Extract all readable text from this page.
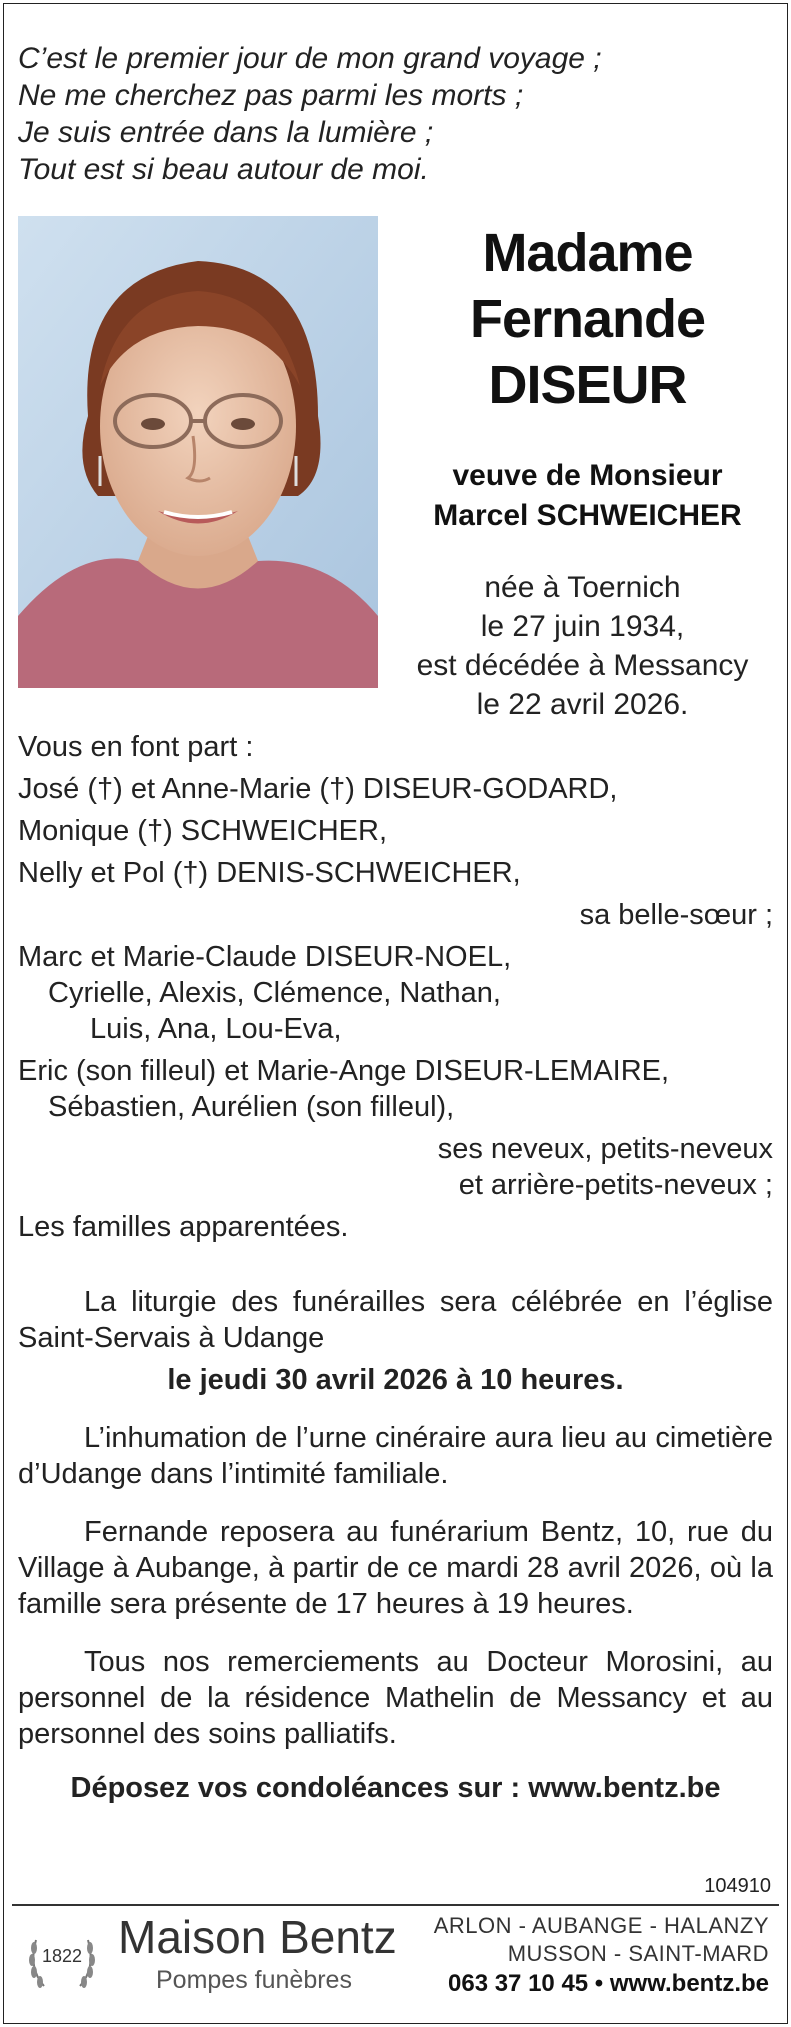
C’est le premier jour de mon grand voyage ;
Ne me cherchez pas parmi les morts ;
Je suis entrée dans la lumière ;
Tout est si beau autour de moi.
Madame
Fernande
DISEUR
veuve de Monsieur
Marcel SCHWEICHER
née à Toernich
le 27 juin 1934,
est décédée à Messancy
le 22 avril 2026.
Vous en font part :
José (†) et Anne-Marie (†) DISEUR-GODARD,
Monique (†) SCHWEICHER,
Nelly et Pol (†) DENIS-SCHWEICHER,
sa belle-sœur ;
Marc et Marie-Claude DISEUR-NOEL,
Cyrielle, Alexis, Clémence, Nathan,
Luis, Ana, Lou-Eva,
Eric (son filleul) et Marie-Ange DISEUR-LEMAIRE,
Sébastien, Aurélien (son filleul),
ses neveux, petits-neveux
et arrière-petits-neveux ;
Les familles apparentées.
La liturgie des funérailles sera célébrée en l’église Saint-Servais à Udange
le jeudi 30 avril 2026 à 10 heures.
L’inhumation de l’urne cinéraire aura lieu au cimetière d’Udange dans l’intimité familiale.
Fernande reposera au funérarium Bentz, 10, rue du Village à Aubange, à partir de ce mardi 28 avril 2026, où la famille sera présente de 17 heures à 19 heures.
Tous nos remerciements au Docteur Morosini, au personnel de la résidence Mathelin de Messancy et au personnel des soins palliatifs.
Déposez vos condoléances sur : www.bentz.be
104910
1822 Maison Bentz
Pompes funèbres
ARLON - AUBANGE - HALANZY
MUSSON - SAINT-MARD
063 37 10 45 • www.bentz.be
